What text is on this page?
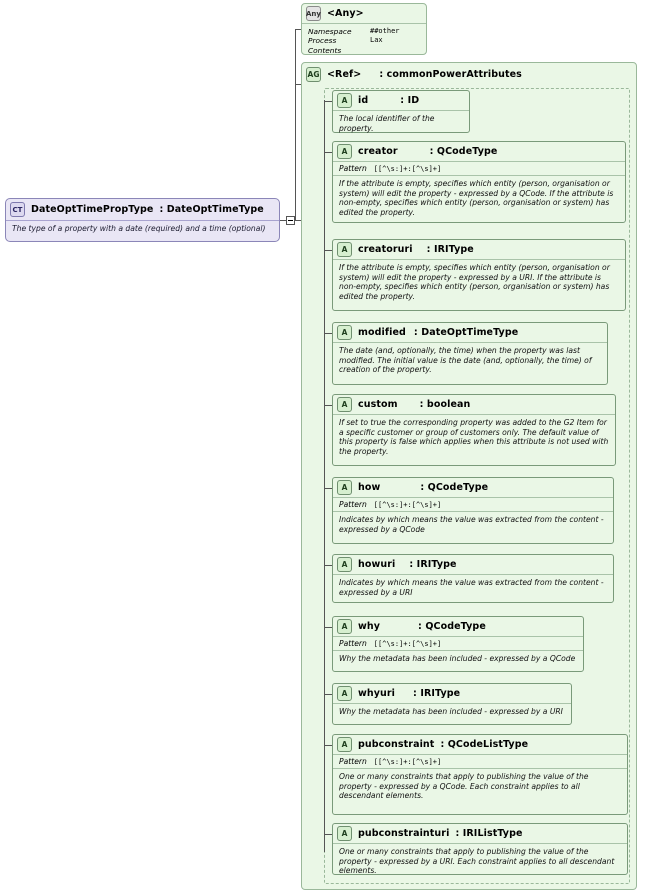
Any <Any>
Namespace	##other
Process Contents
Lax
AG <Ref> : commonPowerAttributes
A	id	: ID
The local identifier of the property.
A	creator	: QCodeType
Pattern [[^\s:]+:[^\s]+]
If the attribute is empty, specifies which entity (person, organisation or system) will edit the property - expressed by a QCode. If the attribute is non-empty, specifies which entity (person, organisation or system) has edited the property.
A	creatoruri : IRIType
If the attribute is empty, specifies which entity (person, organisation or system) will edit the property - expressed by a URI. If the attribute is non-empty, specifies which entity (person, organisation or system) has edited the property.
A	modified : DateOptTimeType
The date (and, optionally, the time) when the property was last modified. The initial value is the date (and, optionally, the time) of creation of the property.
A	custom : boolean
If set to true the corresponding property was added to the G2 Item for a specific customer or group of customers only. The default value of this property is false which applies when this attribute is not used with the property.
A	how	: QCodeType
Pattern [[^\s:]+:[^\s]+]
Indicates by which means the value was extracted from the content - expressed by a QCode
A	howuri : IRIType
Indicates by which means the value was extracted from the content - expressed by a URI
A	why	: QCodeType
Pattern [[^\s:]+:[^\s]+]
Why the metadata has been included - expressed by a QCode
A	whyuri : IRIType
Why the metadata has been included - expressed by a URI
A	pubconstraint : QCodeListType
Pattern [[^\s:]+:[^\s]+]
One or many constraints that apply to publishing the value of the property - expressed by a QCode. Each constraint applies to all descendant elements.
A	pubconstrainturi : IRIListType
One or many constraints that apply to publishing the value of the property - expressed by a URI. Each constraint applies to all descendant elements.
CT DateOptTimePropType : DateOptTimeType
The type of a property with a date (required) and a time (optional)
